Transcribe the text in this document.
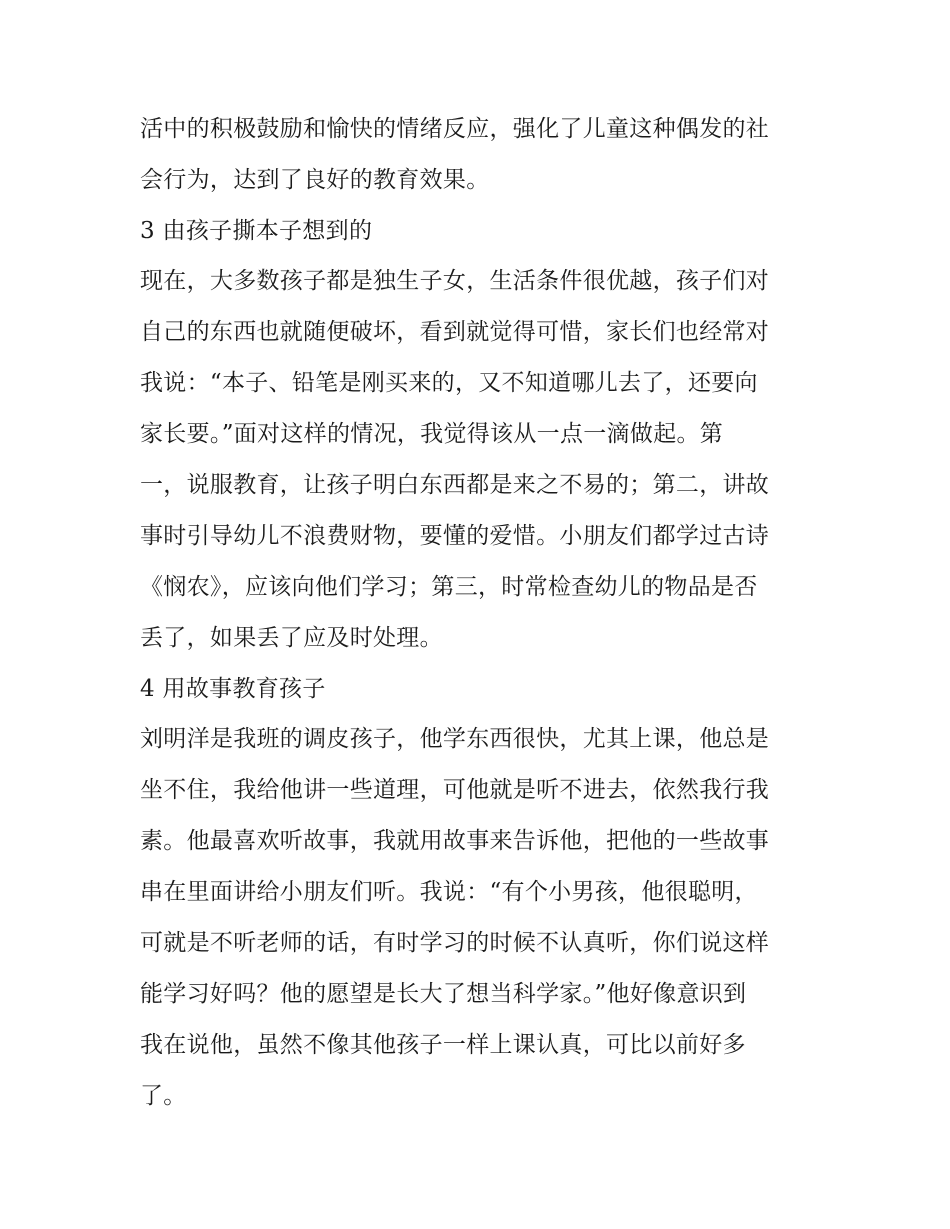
活中的积极鼓励和愉快的情绪反应，强化了儿童这种偶发的社
会行为，达到了良好的教育效果。
3 由孩子撕本子想到的
现在，大多数孩子都是独生子女，生活条件很优越，孩子们对
自己的东西也就随便破坏，看到就觉得可惜，家长们也经常对
我说：“本子、铅笔是刚买来的，又不知道哪儿去了，还要向
家长要。”面对这样的情况，我觉得该从一点一滴做起。第
一，说服教育，让孩子明白东西都是来之不易的；第二，讲故
事时引导幼儿不浪费财物，要懂的爱惜。小朋友们都学过古诗
《悯农》，应该向他们学习；第三，时常检查幼儿的物品是否
丢了，如果丢了应及时处理。
4 用故事教育孩子
刘明洋是我班的调皮孩子，他学东西很快，尤其上课，他总是
坐不住，我给他讲一些道理，可他就是听不进去，依然我行我
素。他最喜欢听故事，我就用故事来告诉他，把他的一些故事
串在里面讲给小朋友们听。我说：“有个小男孩，他很聪明，
可就是不听老师的话，有时学习的时候不认真听，你们说这样
能学习好吗？他的愿望是长大了想当科学家。”他好像意识到
我在说他，虽然不像其他孩子一样上课认真，可比以前好多
了。
